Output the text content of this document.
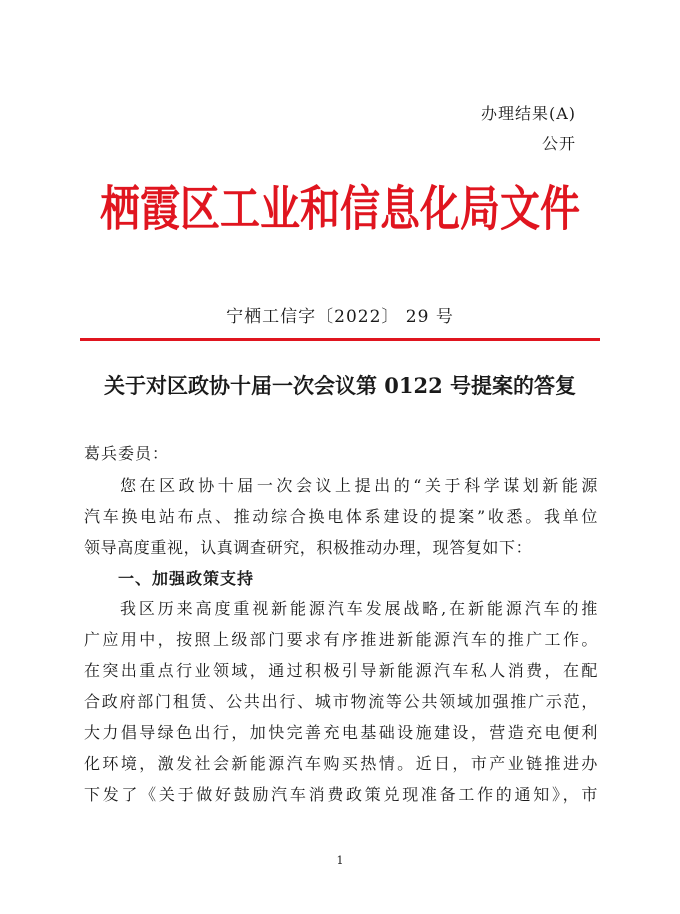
办理结果(A)

公开

栖霞区工业和信息化局文件

宁栖工信字〔2022〕 29 号

关于对区政协十届一次会议第 0122 号提案的答复

葛兵委员：

您在区政协十届一次会议上提出的“关于科学谋划新能源

汽车换电站布点、推动综合换电体系建设的提案”收悉。我单位

领导高度重视，认真调查研究，积极推动办理，现答复如下：

一、加强政策支持

我区历来高度重视新能源汽车发展战略,在新能源汽车的推

广应用中，按照上级部门要求有序推进新能源汽车的推广工作。

在突出重点行业领域，通过积极引导新能源汽车私人消费，在配

合政府部门租赁、公共出行、城市物流等公共领域加强推广示范，

大力倡导绿色出行，加快完善充电基础设施建设，营造充电便利

化环境，激发社会新能源汽车购买热情。近日，市产业链推进办

下发了《关于做好鼓励汽车消费政策兑现准备工作的通知》，市

1
